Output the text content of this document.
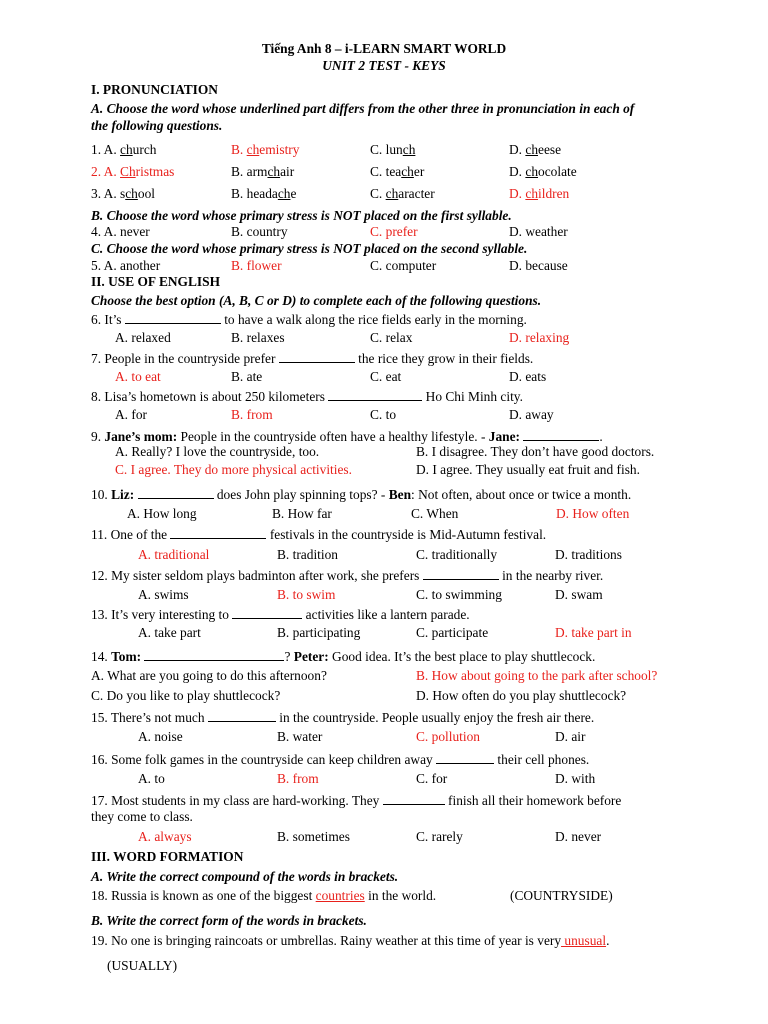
Tiếng Anh 8 – i-LEARN SMART WORLD
UNIT 2 TEST - KEYS
I. PRONUNCIATION
A. Choose the word whose underlined part differs from the other three in pronunciation in each of
the following questions.
1. A. church	B. chemistry	C. lunch	D. cheese
2. A. Christmas	B. armchair	C. teacher	D. chocolate
3. A. school	B. headache	C. character	D. children
B. Choose the word whose primary stress is NOT placed on the first syllable.
4. A. never	B. country	C. prefer	D. weather
C. Choose the word whose primary stress is NOT placed on the second syllable.
5. A. another	B. flower	C. computer	D. because
II. USE OF ENGLISH
Choose the best option (A, B, C or D) to complete each of the following questions.
6. It’s	to have a walk along the rice fields early in the morning.
A. relaxed	B. relaxes	C. relax	D. relaxing
7. People in the countryside prefer	the rice they grow in their fields.
A. to eat	B. ate	C. eat	D. eats
8. Lisa’s hometown is about 250 kilometers	Ho Chi Minh city.
A. for	B. from	C. to	D. away
9. Jane’s mom: People in the countryside often have a healthy lifestyle. - Jane:	.
A. Really? I love the countryside, too.	B. I disagree. They don’t have good doctors.
C. I agree. They do more physical activities.	D. I agree. They usually eat fruit and fish.
10. Liz:	does John play spinning tops? - Ben: Not often, about once or twice a month.
A. How long	B. How far	C. When	D. How often
11. One of the	festivals in the countryside is Mid-Autumn festival.
A. traditional	B. tradition	C. traditionally	D. traditions
12. My sister seldom plays badminton after work, she prefers	in the nearby river.
A. swims	B. to swim	C. to swimming	D. swam
13. It’s very interesting to	activities like a lantern parade.
A. take part	B. participating	C. participate	D. take part in
14. Tom:	? Peter: Good idea. It’s the best place to play shuttlecock.
A. What are you going to do this afternoon?	B. How about going to the park after school?
C. Do you like to play shuttlecock?	D. How often do you play shuttlecock?
15. There’s not much	in the countryside. People usually enjoy the fresh air there.
A. noise	B. water	C. pollution	D. air
16. Some folk games in the countryside can keep children away	their cell phones.
A. to	B. from	C. for	D. with
17. Most students in my class are hard-working. They	finish all their homework before
they come to class.
A. always	B. sometimes	C. rarely	D. never
III. WORD FORMATION
A. Write the correct compound of the words in brackets.
18. Russia is known as one of the biggest countries in the world.	(COUNTRYSIDE)
B. Write the correct form of the words in brackets.
19. No one is bringing raincoats or umbrellas. Rainy weather at this time of year is very unusual.
(USUALLY)
